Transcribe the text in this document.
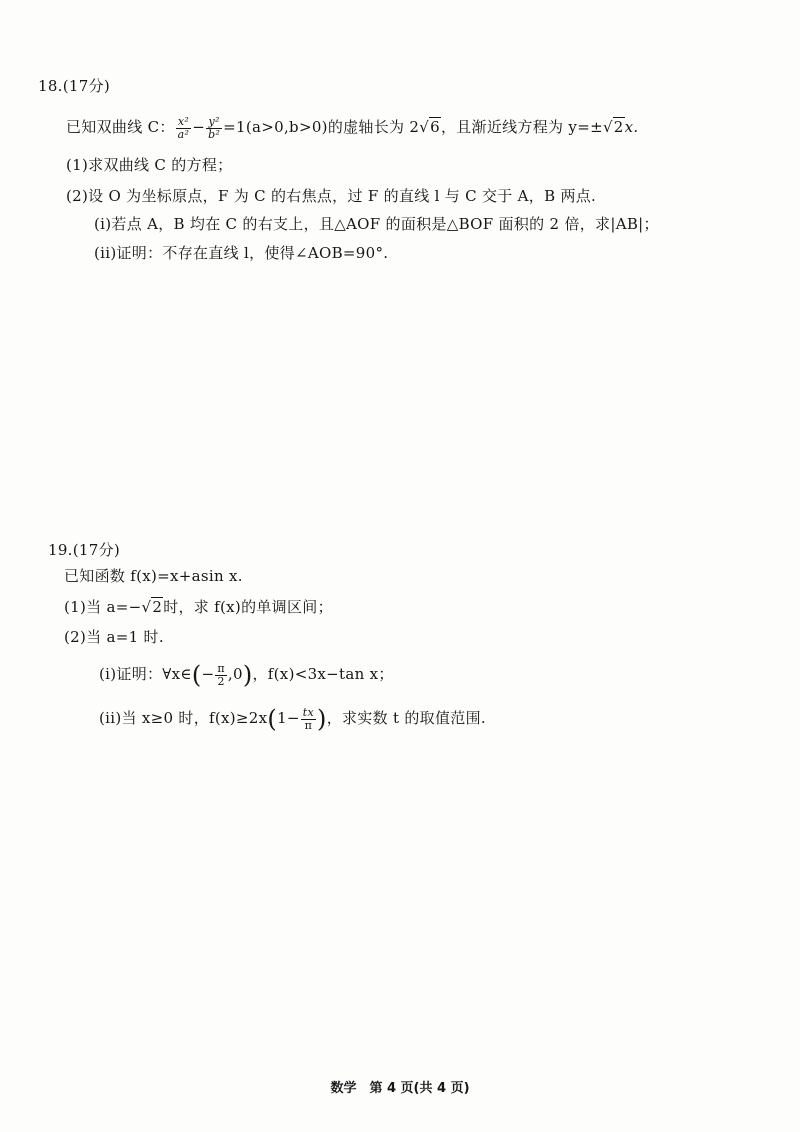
18.(17分)
已知双曲线 C： $\frac{\text{x²}}{\text{a²}} - \frac{\text{y²}}{\text{b²}} =1(a>0,b>0)$的虚轴长为 2√6，且渐近线方程为 y=±√2x.
(1)求双曲线 C 的方程；
(2)设 O 为坐标原点，F 为 C 的右焦点，过 F 的直线 l 与 C 交于 A，B 两点.
(i)若点 A，B 均在 C 的右支上，且△AOF 的面积是△BOF 面积的 2 倍，求|AB|；
(ii)证明：不存在直线 l，使得∠AOB=90°.
19.(17分)
已知函数 f(x)=x+asin x.
(1)当 a=−√2时，求 f(x)的单调区间；
(2)当 a=1 时.
(i)证明：∀x∈(− $\frac{\pi}{2} ,0$)，f(x)<3x−tan x；
(ii)当 x≥0 时，$f(x)\ge 2x(1- \frac{tx}{\pi}$ )，求实数 t 的取值范围.
数学　第 4 页(共 4 页)
